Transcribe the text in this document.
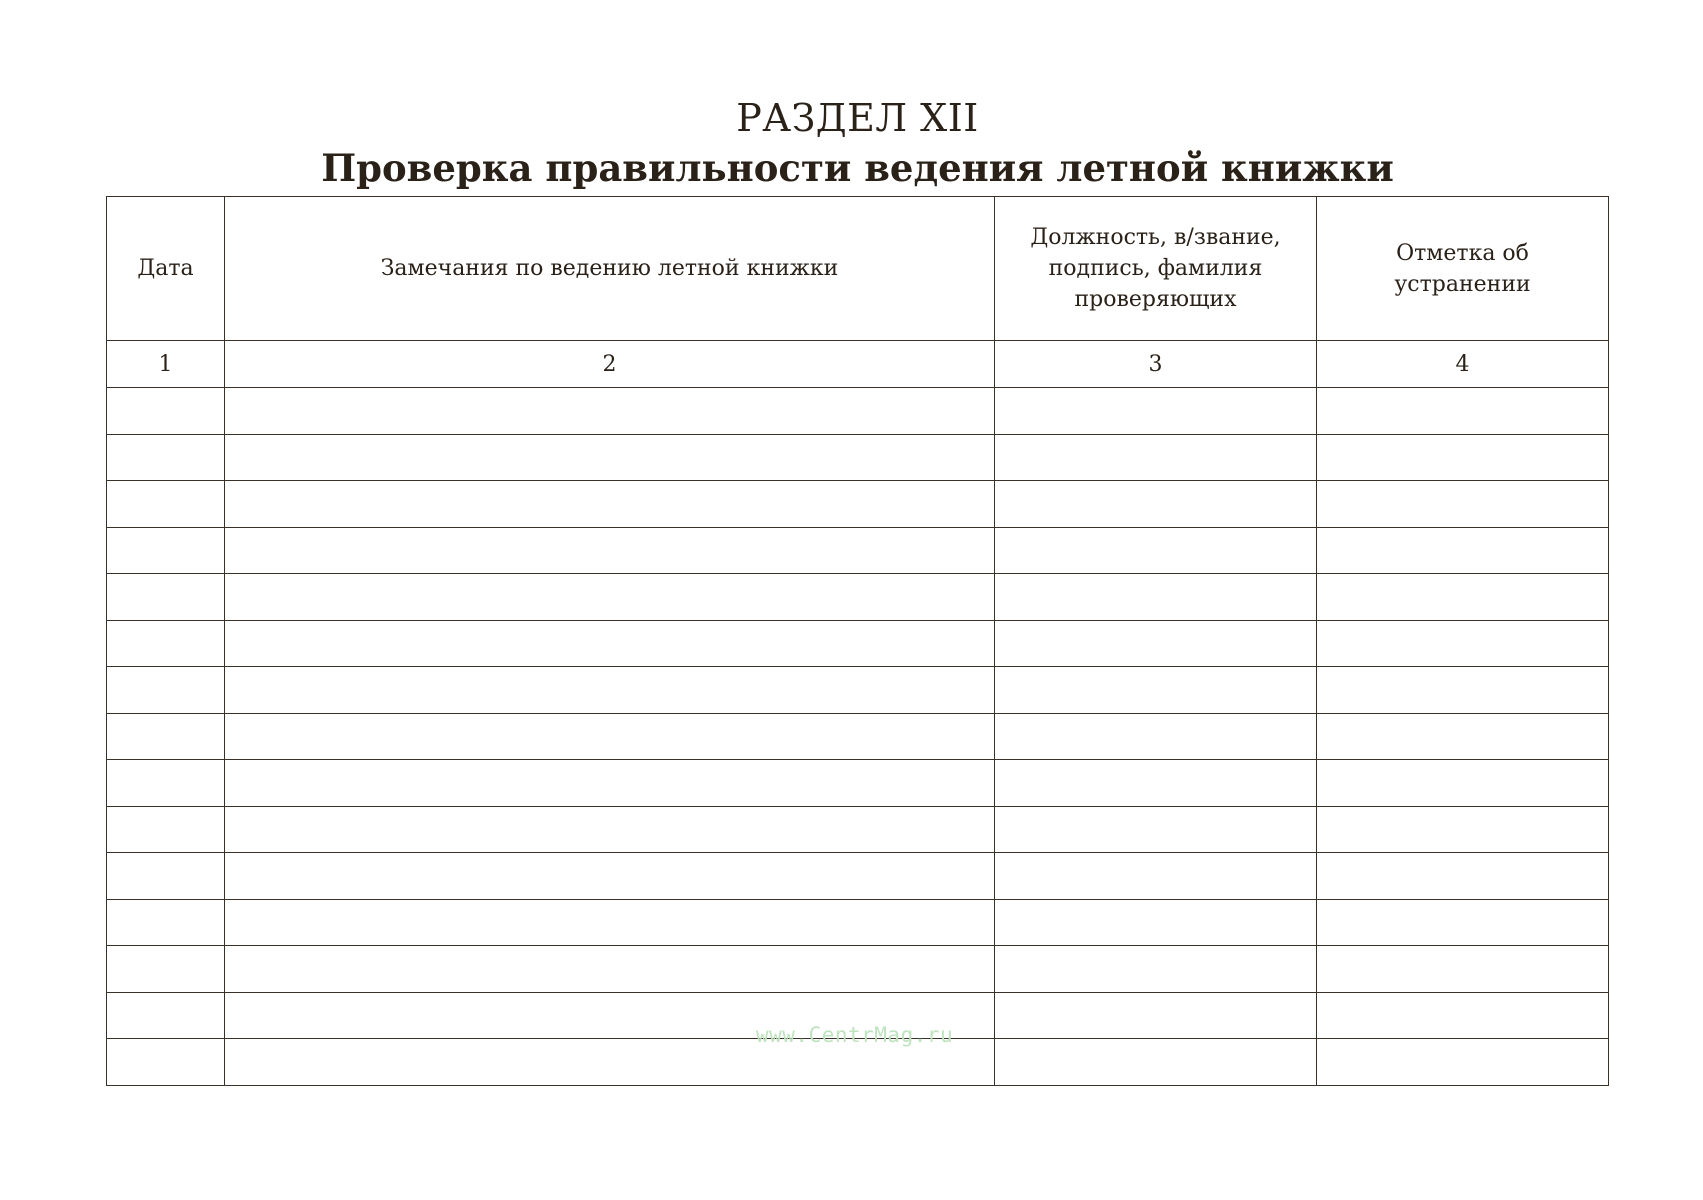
РАЗДЕЛ XII
Проверка правильности ведения летной книжки
Дата	Замечания по ведению летной книжки	Должность, в/звание, подпись, фамилия проверяющих	Отметка об устранении
1	2	3	4

www.CentrMag.ru
